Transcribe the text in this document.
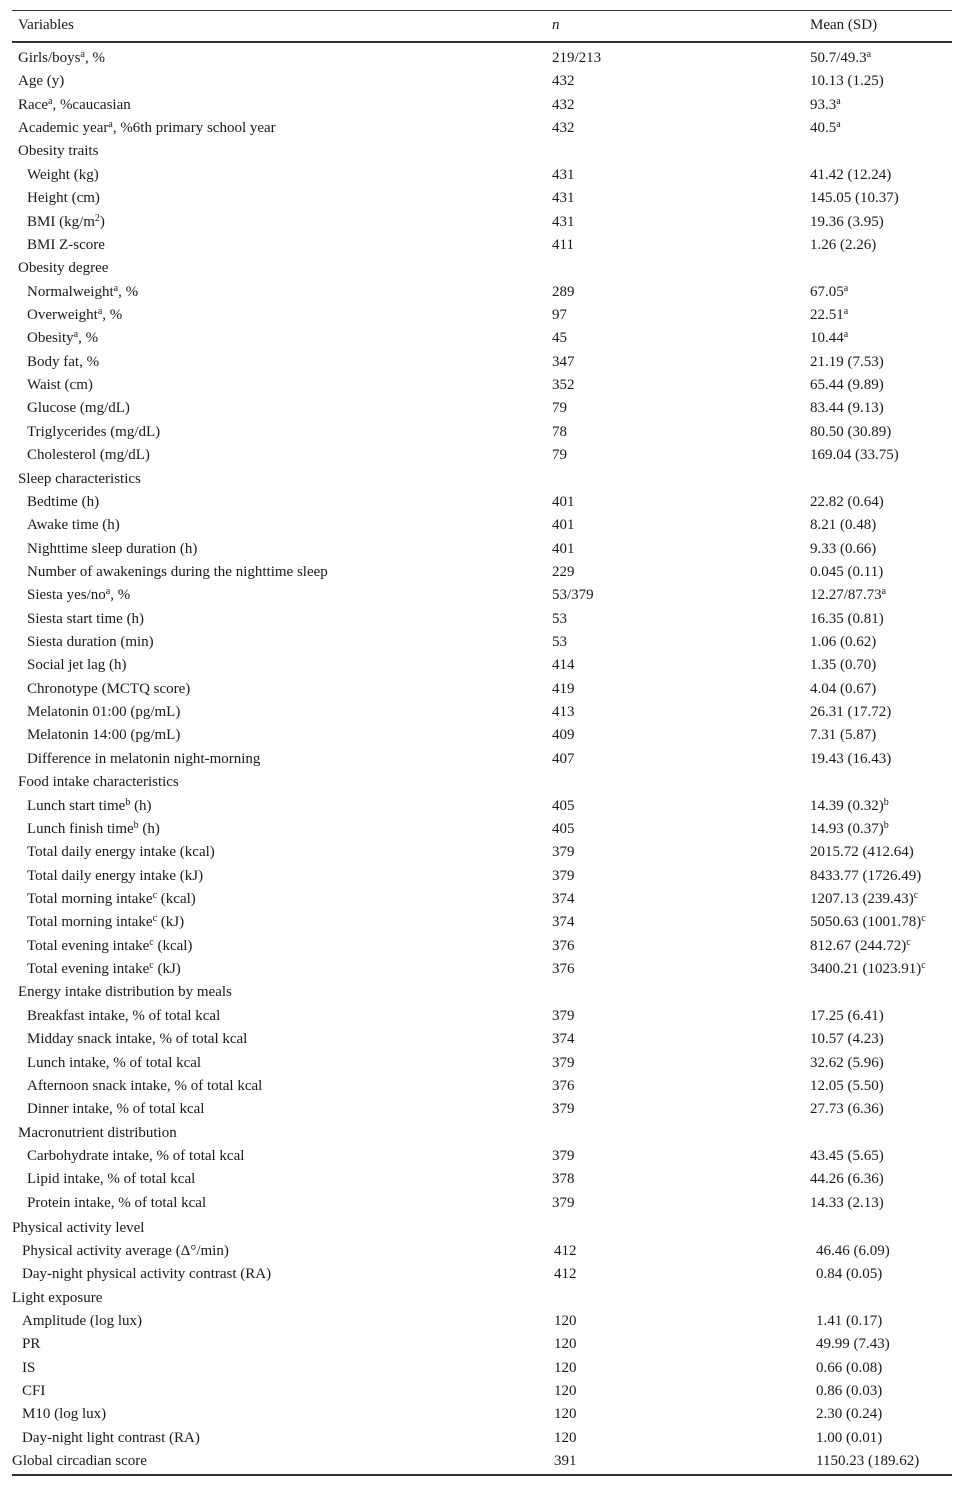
Variables	n	Mean (SD)
Girls/boys$^a$, %	219/213	50.7/49.3$^a$
Age (y)	432	10.13 (1.25)
Race$^a$, %caucasian	432	93.3$^a$
Academic year$^a$, %6th primary school year	432	40.5$^a$
Obesity traits
Weight (kg)	431	41.42 (12.24)
Height (cm)	431	145.05 (10.37)
BMI $(kg/m^2)$	431	19.36 (3.95)
BMI Z-score	411	1.26 (2.26)
Obesity degree
Normalweight$^a$, %	289	67.05$^a$
Overweight$^a$, %	97	22.51$^a$
Obesity$^a$, %	45	10.44$^a$
Body fat, %	347	21.19 (7.53)
Waist (cm)	352	65.44 (9.89)
Glucose (mg/dL)	79	83.44 (9.13)
Triglycerides (mg/dL)	78	80.50 (30.89)
Cholesterol (mg/dL)	79	169.04 (33.75)
Sleep characteristics
Bedtime (h)	401	22.82 (0.64)
Awake time (h)	401	8.21 (0.48)
Nighttime sleep duration (h)	401	9.33 (0.66)
Number of awakenings during the nighttime sleep	229	0.045 (0.11)
Siesta yes/$no^a$, %	53/379	12.27/87.73$^a$
Siesta start time (h)	53	16.35 (0.81)
Siesta duration (min)	53	1.06 (0.62)
Social jet lag (h)	414	1.35 (0.70)
Chronotype (MCTQ score)	419	4.04 (0.67)
Melatonin 01:00 (pg/mL)	413	26.31 (17.72)
Melatonin 14:00 (pg/mL)	409	7.31 (5.87)
Difference in melatonin night-morning	407	19.43 (16.43)
Food intake characteristics
Lunch start time$^b$ (h)	405	14.39 $(0.32)^b$
Lunch finish time$^b$ (h)	405	14.93 $(0.37)^b$
Total daily energy intake (kcal)	379	2015.72 (412.64)
Total daily energy intake (kJ)	379	8433.77 (1726.49)
Total morning intake$^c$ (kcal)	374	1207.13 $(239.43)^c$
Total morning intake$^c$ (kJ)	374	5050.63 $(1001.78)^c$
Total evening intake$^c$ (kcal)	376	812.67 $(244.72)^c$
Total evening intake$^c$ (kJ)	376	3400.21 $(1023.91)^c$
Energy intake distribution by meals
Breakfast intake, % of total kcal	379	17.25 (6.41)
Midday snack intake, % of total kcal	374	10.57 (4.23)
Lunch intake, % of total kcal	379	32.62 (5.96)
Afternoon snack intake, % of total kcal	376	12.05 (5.50)
Dinner intake, % of total kcal	379	27.73 (6.36)
Macronutrient distribution
Carbohydrate intake, % of total kcal	379	43.45 (5.65)
Lipid intake, % of total kcal	378	44.26 (6.36)
Protein intake, % of total kcal	379	14.33 (2.13)
Physical activity level
Physical activity average (Δ°/min)	412	46.46 (6.09)
Day-night physical activity contrast (RA)	412	0.84 (0.05)
Light exposure
Amplitude (log lux)	120	1.41 (0.17)
PR	120	49.99 (7.43)
IS	120	0.66 (0.08)
CFI	120	0.86 (0.03)
M10 (log lux)	120	2.30 (0.24)
Day-night light contrast (RA)	120	1.00 (0.01)
Global circadian score	391	1150.23 (189.62)
